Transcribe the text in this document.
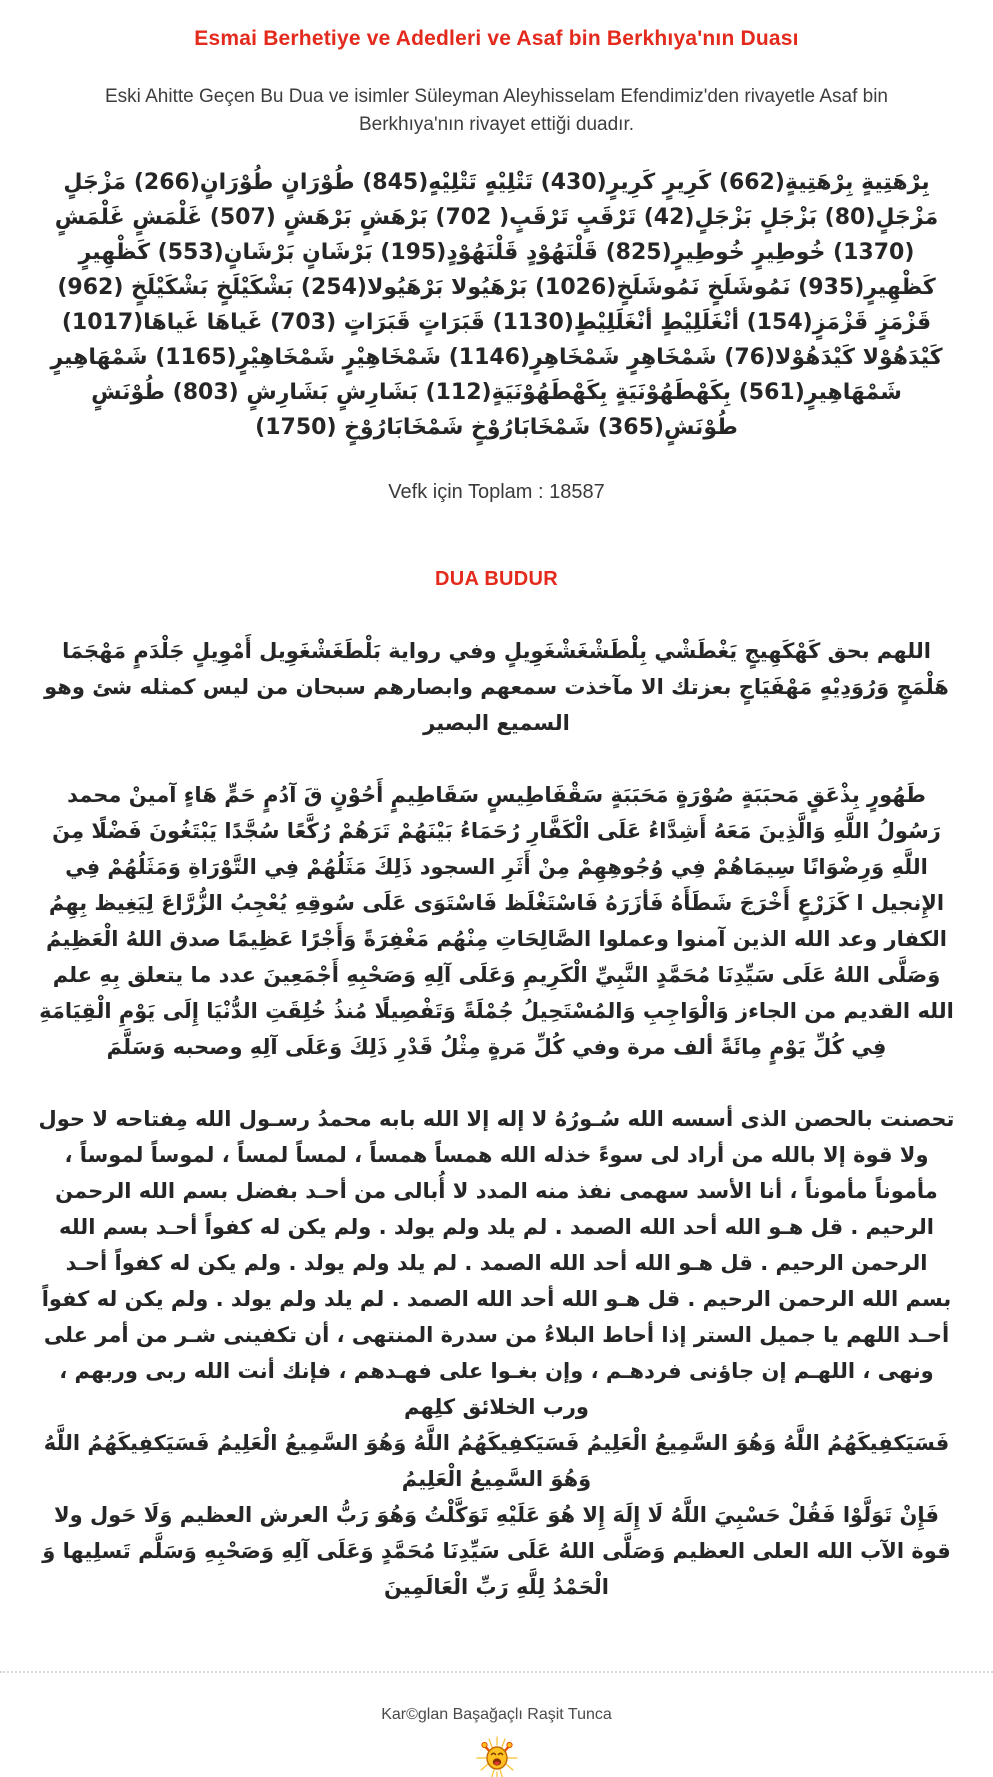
Esmai Berhetiye ve Adedleri ve Asaf bin Berkhıya'nın Duası

Eski Ahitte Geçen Bu Dua ve isimler Süleyman Aleyhisselam Efendimiz'den rivayetle Asaf bin Berkhıya'nın rivayet ettiği duadır.

بِرْهَتِيةٍ بِرْهَتِيةٍ(662) كَرِيرٍ كَرِيرٍ(430) تَتْلِيْهٍ تَتْلِيْهٍ(845) طُوْرَانٍ طُوْرَانٍ(266) مَزْجَلٍ مَزْجَلٍ(80) بَزْجَلٍ بَزْجَلٍ(42) تَرْقَبٍ تَرْقَبٍ( 702) بَرْهَشٍ بَرْهَشٍ (507) غَلْمَشٍ غَلْمَشٍ (1370) خُوطِيرٍ خُوطِيرٍ(825) قَلْنَهُوْدٍ قَلْنَهُوْدٍ(195) بَرْشَانٍ بَرْشَانٍ(553) كَظْهِيرٍ كَظْهِيرٍ(935) نَمُوشَلَخٍ نَمُوشَلَخٍ(1026) بَرْهَيُولا بَرْهَيُولا(254) بَشْكَيْلَخٍ بَشْكَيْلَخٍ (962) قَزْمَزٍ قَزْمَزٍ(154) أنْغَلَلِيْطٍ أنْغَلَلِيْطٍ(1130) قَبَرَاتٍ قَبَرَاتٍ (703) غَياهَا غَياهَا(1017) كَيْدَهُوْلا كَيْدَهُوْلا(76) شَمْخَاهِرٍ شَمْخَاهِرٍ(1146) شَمْخَاهِيْرٍ شَمْخَاهِيْرٍ(1165) شَمْهَاهِيرٍ شَمْهَاهِيرٍ(561) بِكَهْطَهُوْنَيَةٍ بِكَهْطَهُوْنَيَةٍ(112) بَشَارِشٍ بَشَارِشٍ (803) طُوْنَشٍ طُوْنَشٍ(365) شَمْخَابَارُوْخٍ شَمْخَابَارُوْخٍ (1750)

Vefk için Toplam : 18587

DUA BUDUR

اللهم بحق كَهْكَهِيجٍ يَغْطَشْي بِلْطَشْغَشْغَوِيلٍ وفي رواية بَلْطَغَشْغَوِيل أَمْوِيلٍ جَلْدَمٍ مَهْجَمَا هَلْمَجٍ وَرُوَدِيْهٍ مَهْفَيَاجٍ بعزتك الا مآخذت سمعهم وابصارهم سبحان من ليس كمثله شئ وهو السميع البصير

طَهُورٍ بِذْعَقٍ مَحبَبَةٍ صُوْرَةٍ مَحَبَبَةٍ سَقْفَاطِيسٍ سَقَاطِيمٍ أَحُوْنٍ قَ آدُمٍ حَمٍّ هَاءٍ آمينْ محمد رَسُولُ اللَّهِ وَالَّذِينَ مَعَهُ أَشِدَّاءُ عَلَى الْكَفَّارِ رُحَمَاءُ بَيْنَهُمْ تَرَهُمْ رُكَّعًا سُجَّدًا يَبْتَغُونَ فَضْلًا مِنَ اللَّهِ وَرِضْوَانًا سِيمَاهُمْ فِي وُجُوهِهِمْ مِنْ أَثَرِ السجود ذَلِكَ مَثَلُهُمْ فِي التَّوْرَاةِ وَمَثَلُهُمْ فِي الإِنجيل ا كَزَرْعٍ أَخْرَجَ شَطَأَهُ فَأزَرَهُ فَاسْتَغْلَظ فَاسْتَوَى عَلَى سُوقِهِ يُعْجِبُ الزُّرَّاعَ لِيَغِيظ بِهِمُ الكفار وعد الله الذين آمنوا وعملوا الصَّالِحَاتِ مِنْهُم مَغْفِرَةً وَأَجْرًا عَظِيمًا صدق اللهُ الْعَظِيمُ وَصَلَّى اللهُ عَلَى سَيِّدِنَا مُحَمَّدٍ النَّبِيِّ الْكَرِيمِ وَعَلَى آلِهِ وَصَحْبِهِ أَجْمَعِينَ عدد ما يتعلق بِهِ علم الله القديم من الجاءز وَالْوَاجِبِ وَالمُسْتَحِيلُ جُمْلَةً وَتَفْصِيلًا مُنذُ خُلِقَتِ الدُّنْيَا إِلَى يَوْمِ الْقِيَامَةِ فِي كُلِّ يَوْمٍ مِائَةً ألف مرة وفي كُلِّ مَرةٍ مِثْلُ قَدْرِ ذَلِكَ وَعَلَى آلِهِ وصحبه وَسَلَّمَ

تحصنت بالحصن الذى أسسه الله سُـورُهُ لا إله إلا الله بابه محمدُ رسـول الله مِفتاحه لا حول ولا قوة إلا بالله من أراد لى سوءً خذله الله همساً همساً ، لمساً لمساً ، لموساً لموساً ، مأموناً مأموناً ، أنا الأسد سهمى نفذ منه المدد لا أُبالى من أحـد بفضل بسم الله الرحمن الرحيم . قل هـو الله أحد الله الصمد . لم يلد ولم يولد . ولم يكن له كفواً أحـد بسم الله الرحمن الرحيم . قل هـو الله أحد الله الصمد . لم يلد ولم يولد . ولم يكن له كفواً أحـد

بسم الله الرحمن الرحيم . قل هـو الله أحد الله الصمد . لم يلد ولم يولد . ولم يكن له كفواً أحـد اللهم يا جميل الستر إذا أحاط البلاءُ من سدرة المنتهى ، أن تكفينى شـر من أمر على ونهى ، اللهـم إن جاؤنى فردهـم ، وإن بغـوا على فهـدهم ، فإنك أنت الله ربى وربهم ، ورب الخلائق كلِهم

فَسَيَكفِيكَهُمُ اللَّهُ وَهُوَ السَّمِيعُ الْعَلِيمُ فَسَيَكفِيكَهُمُ اللَّهُ وَهُوَ السَّمِيعُ الْعَلِيمُ فَسَيَكفِيكَهُمُ اللَّهُ وَهُوَ السَّمِيعُ الْعَلِيمُ

فَإِنْ تَوَلَّوْا فَقُلْ حَسْبِيَ اللَّهُ لَا إِلَهَ إِلا هُوَ عَلَيْهِ تَوَكَّلْتُ وَهُوَ رَبُّ العرش العظيم وَلَا حَول ولا قوة الآب الله العلى العظيم وَصَلَّى اللهُ عَلَى سَيِّدِنَا مُحَمَّدٍ وَعَلَى آلِهِ وَصَحْبِهِ وَسَلَّم تَسلِيها وَ الْحَمْدُ لِلَّهِ رَبِّ الْعَالَمِينَ

Kar©glan Başağaçlı Raşit Tunca
